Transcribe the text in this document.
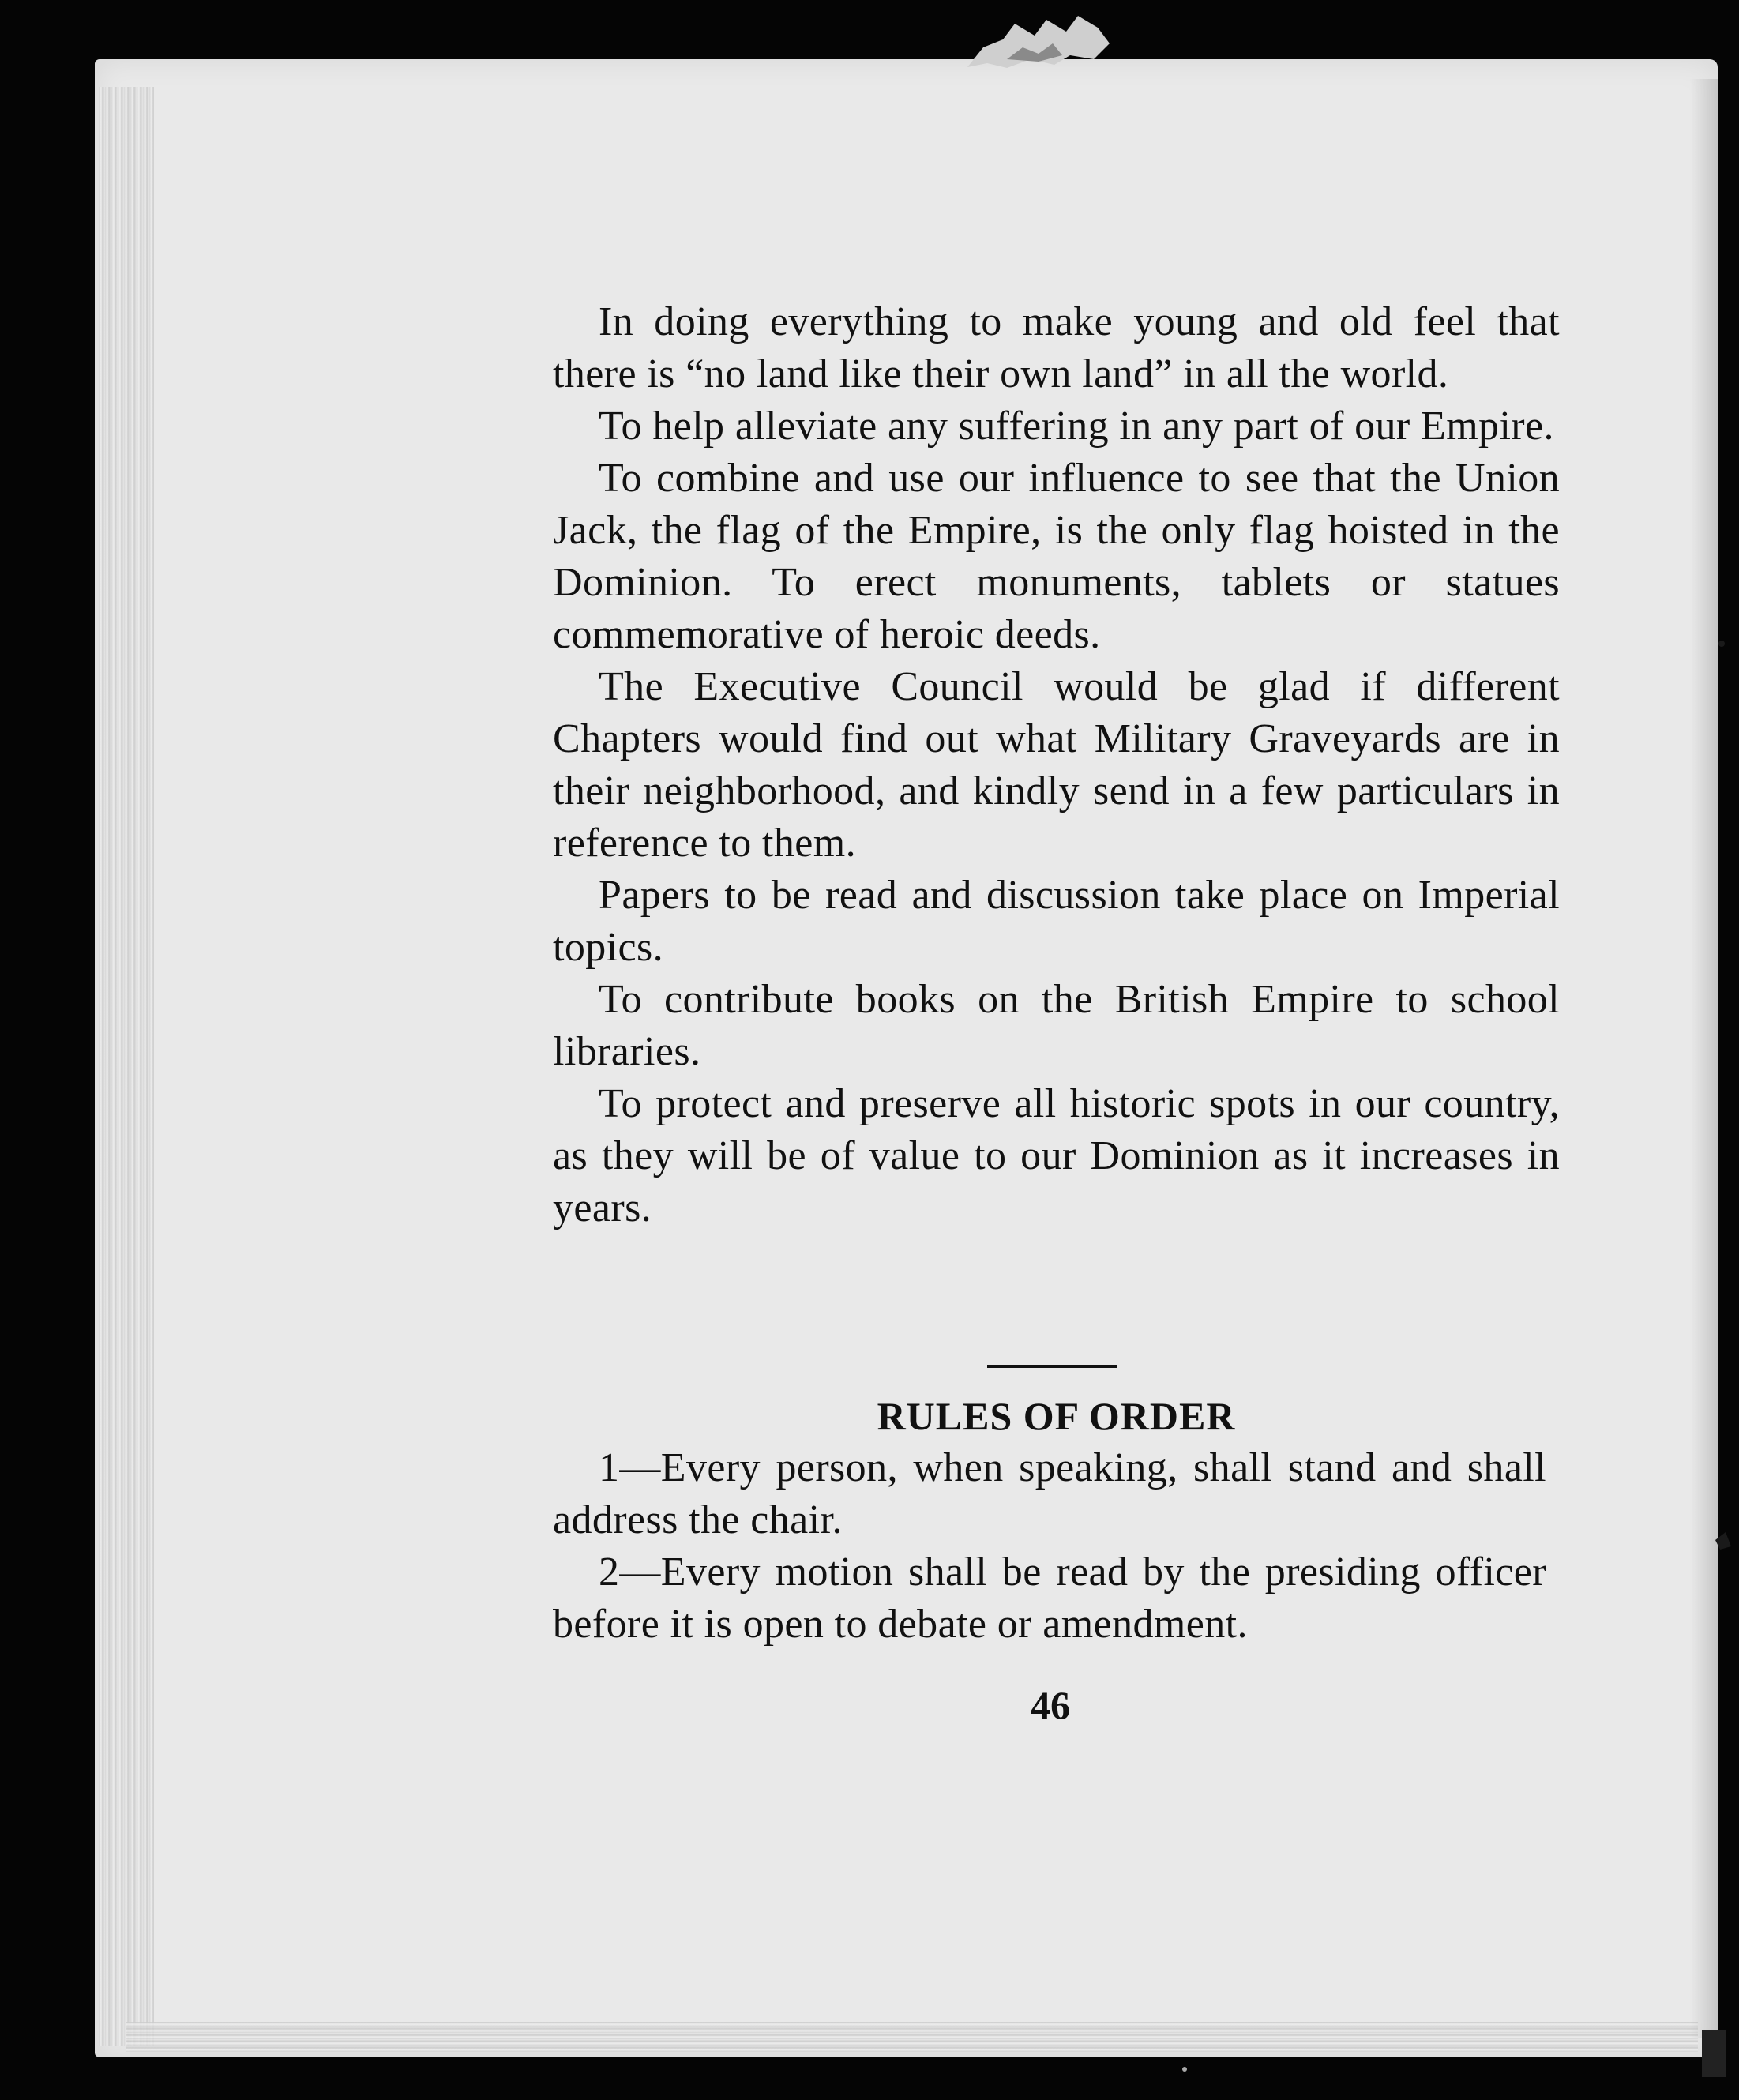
In doing everything to make young and old feel that there is “no land like their own land” in all the world.

To help alleviate any suffering in any part of our Empire.

To combine and use our influence to see that the Union Jack, the flag of the Empire, is the only flag hoisted in the Dominion. To erect monuments, tablets or statues commemorative of heroic deeds.

The Executive Council would be glad if different Chapters would find out what Military Graveyards are in their neighborhood, and kindly send in a few particulars in reference to them.

Papers to be read and discussion take place on Imperial topics.

To contribute books on the British Empire to school libraries.

To protect and preserve all historic spots in our country, as they will be of value to our Dominion as it increases in years.

RULES OF ORDER

1—Every person, when speaking, shall stand and shall address the chair.

2—Every motion shall be read by the presiding officer before it is open to debate or amendment.

46
